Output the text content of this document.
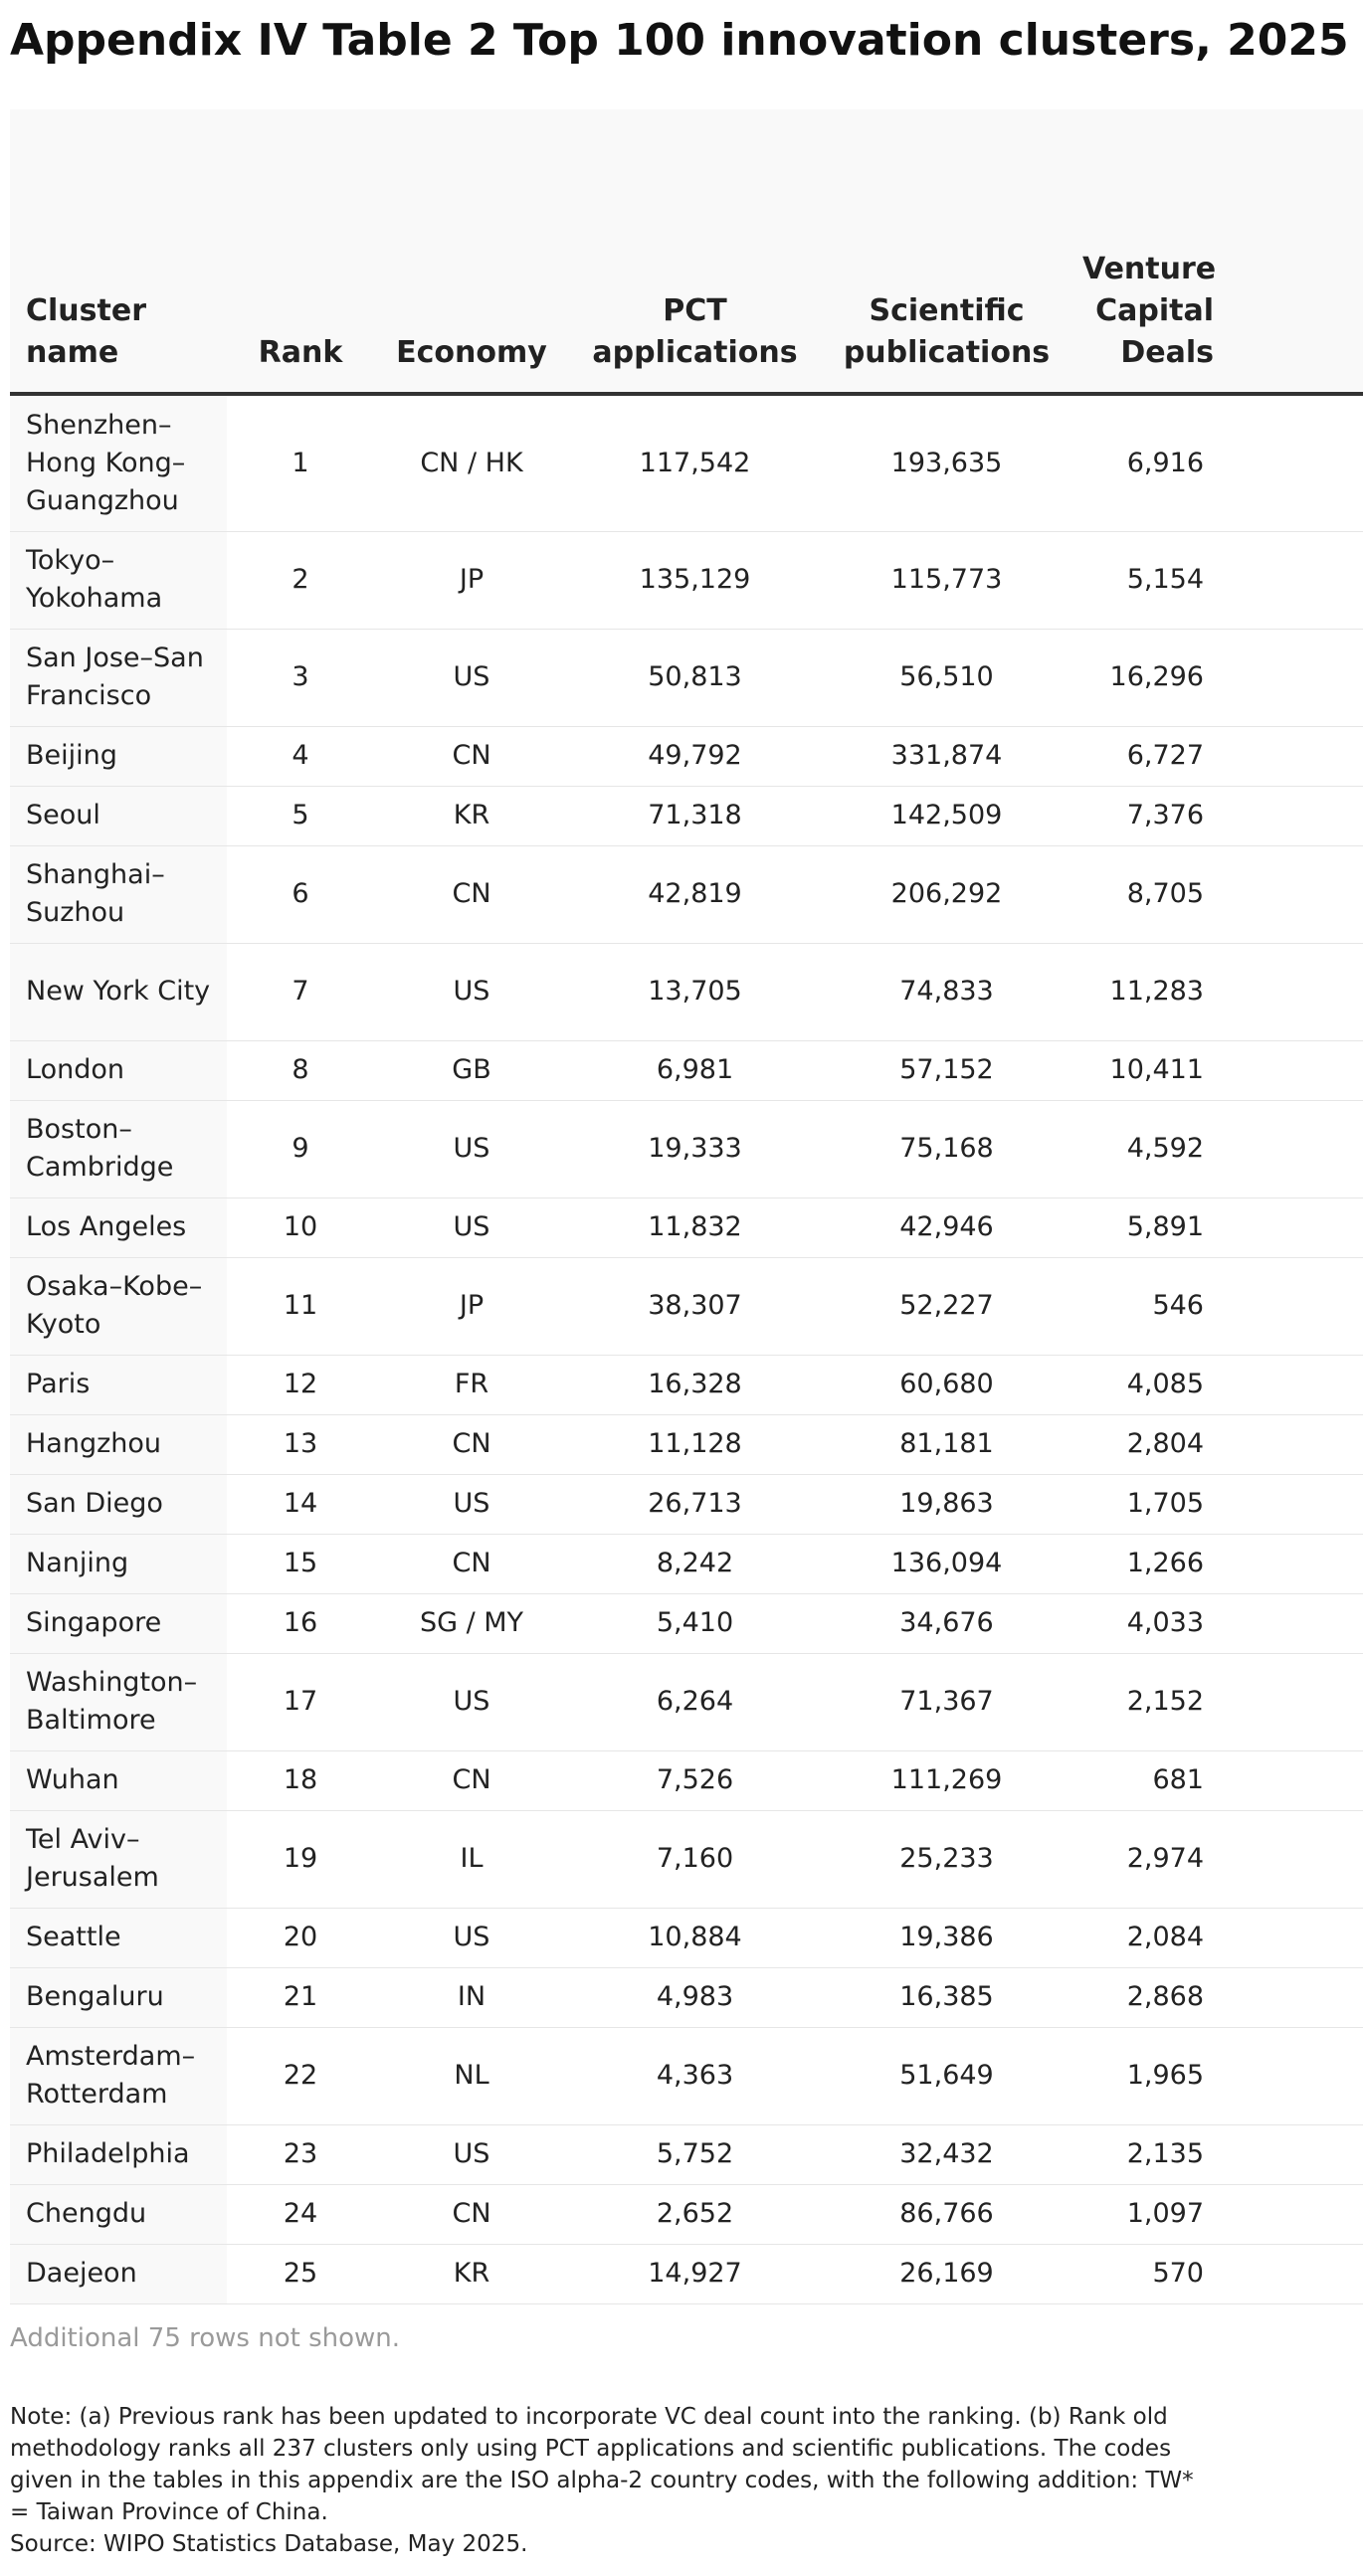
Appendix IV Table 2 Top 100 innovation clusters, 2025
Cluster name	Rank	Economy	PCT applications	Scientific publications	Venture Capital Deals
Shenzhen–Hong Kong–Guangzhou	1	CN / HK	117,542	193,635	6,916
Tokyo–Yokohama	2	JP	135,129	115,773	5,154
San Jose–San Francisco	3	US	50,813	56,510	16,296
Beijing	4	CN	49,792	331,874	6,727
Seoul	5	KR	71,318	142,509	7,376
Shanghai–Suzhou	6	CN	42,819	206,292	8,705
New York City	7	US	13,705	74,833	11,283
London	8	GB	6,981	57,152	10,411
Boston–Cambridge	9	US	19,333	75,168	4,592
Los Angeles	10	US	11,832	42,946	5,891
Osaka–Kobe–Kyoto	11	JP	38,307	52,227	546
Paris	12	FR	16,328	60,680	4,085
Hangzhou	13	CN	11,128	81,181	2,804
San Diego	14	US	26,713	19,863	1,705
Nanjing	15	CN	8,242	136,094	1,266
Singapore	16	SG / MY	5,410	34,676	4,033
Washington–Baltimore	17	US	6,264	71,367	2,152
Wuhan	18	CN	7,526	111,269	681
Tel Aviv–Jerusalem	19	IL	7,160	25,233	2,974
Seattle	20	US	10,884	19,386	2,084
Bengaluru	21	IN	4,983	16,385	2,868
Amsterdam–Rotterdam	22	NL	4,363	51,649	1,965
Philadelphia	23	US	5,752	32,432	2,135
Chengdu	24	CN	2,652	86,766	1,097
Daejeon	25	KR	14,927	26,169	570
Additional 75 rows not shown.

Note: (a) Previous rank has been updated to incorporate VC deal count into the ranking. (b) Rank old methodology ranks all 237 clusters only using PCT applications and scientific publications. The codes given in the tables in this appendix are the ISO alpha-2 country codes, with the following addition: TW* = Taiwan Province of China.

Source: WIPO Statistics Database, May 2025.
